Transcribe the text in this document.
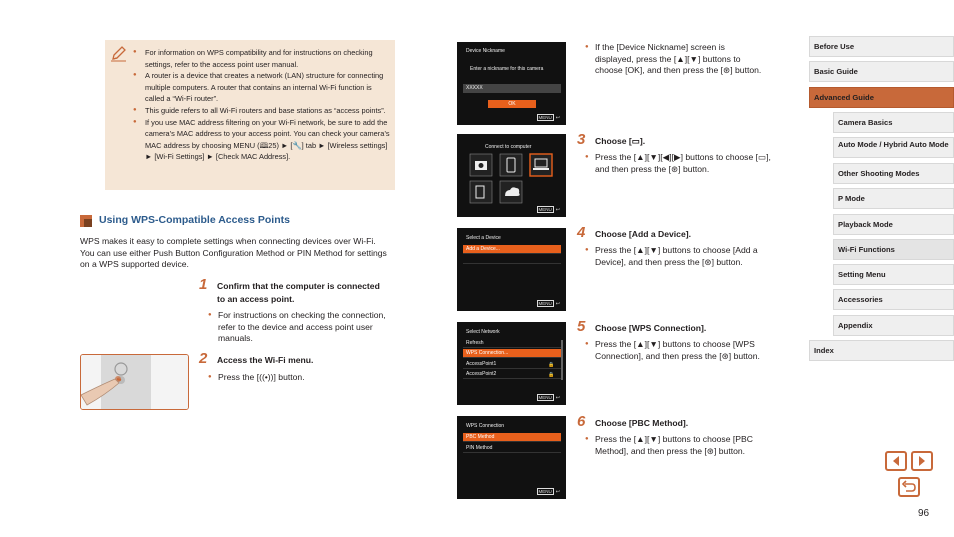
● For information on WPS compatibility and for instructions on checking settings, refer to the access point user manual.
● A router is a device that creates a network (LAN) structure for connecting multiple computers. A router that contains an internal Wi-Fi function is called a “Wi-Fi router”.
● This guide refers to all Wi-Fi routers and base stations as “access points”.
● If you use MAC address filtering on your Wi-Fi network, be sure to add the camera’s MAC address to your access point. You can check your camera’s MAC address by choosing MENU (🕮25) ► [🔧] tab ► [Wireless settings] ► [Wi-Fi Settings] ► [Check MAC Address].
Using WPS-Compatible Access Points
WPS makes it easy to complete settings when connecting devices over Wi-Fi. You can use either Push Button Configuration Method or PIN Method for settings on a WPS supported device.
1 Confirm that the computer is connected to an access point.
● For instructions on checking the connection, refer to the device and access point user manuals.
2 Access the Wi-Fi menu.
● Press the [((•))] button.
Device Nickname
Enter a nickname for this camera
XXXXX
OK
MENU ↩
Connect to computer
MENU ↩
Select a Device
Add a Device...
MENU ↩
Select Network
Refresh
WPS Connection...
AccessPoint1
AccessPoint2
🔒
🔒
MENU ↩
WPS Connection
PBC Method
PIN Method
MENU ↩
● If the [Device Nickname] screen is displayed, press the [▲][▼] buttons to choose [OK], and then press the [⊛] button.
3 Choose [▭].
● Press the [▲][▼][◀][▶] buttons to choose [▭], and then press the [⊛] button.
4 Choose [Add a Device].
● Press the [▲][▼] buttons to choose [Add a Device], and then press the [⊛] button.
5 Choose [WPS Connection].
● Press the [▲][▼] buttons to choose [WPS Connection], and then press the [⊛] button.
6 Choose [PBC Method].
● Press the [▲][▼] buttons to choose [PBC Method], and then press the [⊛] button.
Before Use
Basic Guide
Advanced Guide
Camera Basics
Auto Mode / Hybrid Auto Mode
Other Shooting Modes
P Mode
Playback Mode
Wi-Fi Functions
Setting Menu
Accessories
Appendix
Index
96
